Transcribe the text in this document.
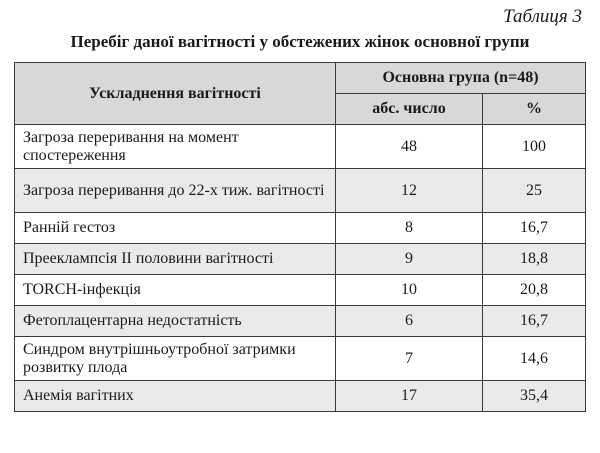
Таблиця 3
Перебіг даної вагітності у обстежених жінок основної групи
Ускладнення вагітності	Основна група (n=48)	
	абс. число	%
Загроза переривання на момент спостереження	48	100
Загроза переривання до 22-х тиж. вагітності	12	25
Ранній гестоз	8	16,7
Прееклампсія II половини вагітності	9	18,8
TORCH-інфекція	10	20,8
Фетоплацентарна недостатність	6	16,7
Синдром внутрішньоутробної затримки розвитку плода	7	14,6
Анемія вагітних	17	35,4
